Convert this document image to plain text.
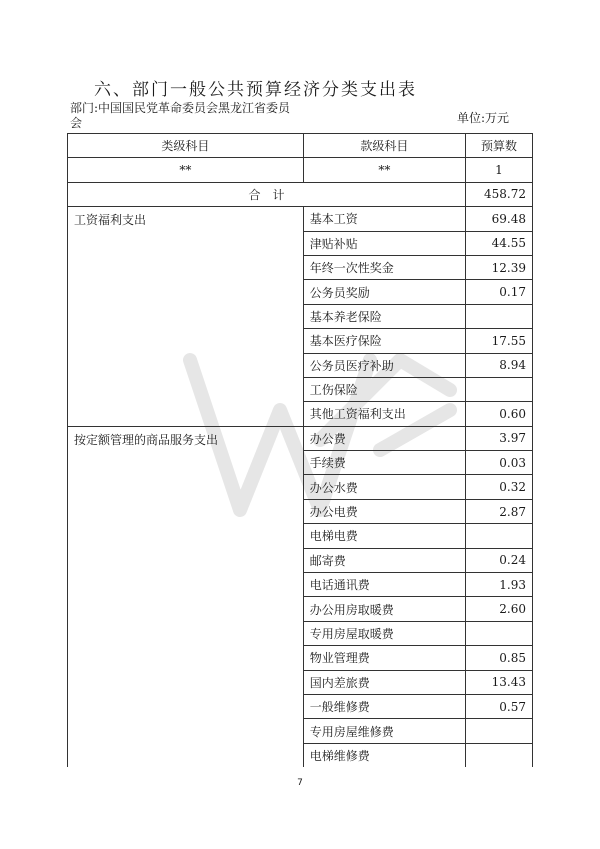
六、部门一般公共预算经济分类支出表
部门:中国国民党革命委员会黑龙江省委员会	单位:万元
类级科目	款级科目	预算数
**	**	1
合　计		458.72
工资福利支出	基本工资	69.48
	津贴补贴	44.55
	年终一次性奖金	12.39
	公务员奖励	0.17
	基本养老保险	
	基本医疗保险	17.55
	公务员医疗补助	8.94
	工伤保险	
	其他工资福利支出	0.60
按定额管理的商品服务支出	办公费	3.97
	手续费	0.03
	办公水费	0.32
	办公电费	2.87
	电梯电费	
	邮寄费	0.24
	电话通讯费	1.93
	办公用房取暖费	2.60
	专用房屋取暖费	
	物业管理费	0.85
	国内差旅费	13.43
	一般维修费	0.57
	专用房屋维修费	
	电梯维修费	
7
